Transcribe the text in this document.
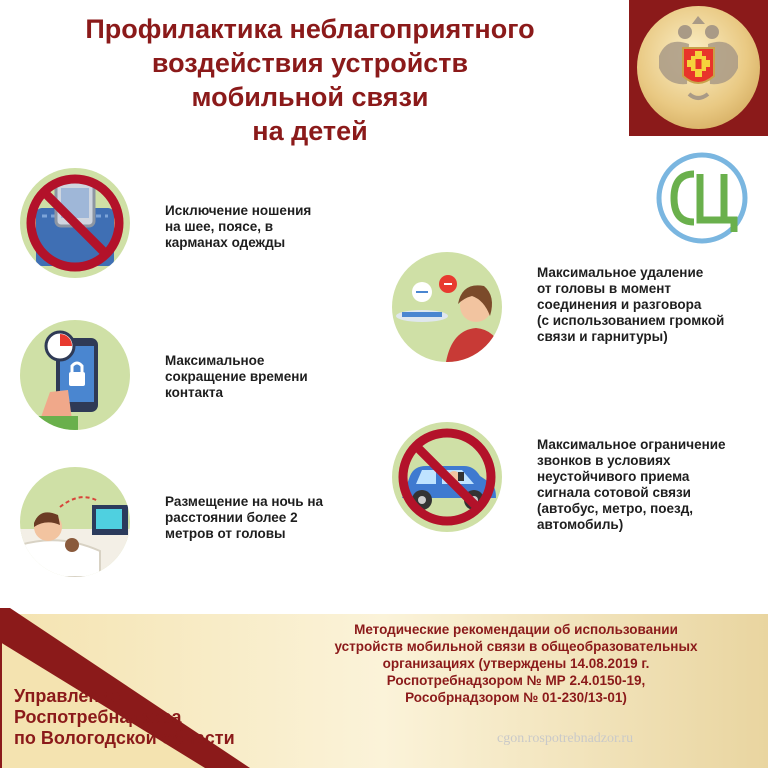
Профилактика неблагоприятного
воздействия устройств
мобильной связи
на детей
Исключение ношения
на шее, поясе, в
карманах одежды
Максимальное
сокращение времени
контакта
Размещение на ночь на
расстоянии более 2
метров от головы
Максимальное удаление
от головы в момент
соединения и разговора
(с использованием громкой
связи и гарнитуры)
Максимальное ограничение
звонков в условиях
неустойчивого приема
сигнала сотовой связи
(автобус, метро, поезд,
автомобиль)
Управление
Роспотребнадзора
по Вологодской области
Методические рекомендации об использовании
устройств мобильной связи в общеобразовательных
организациях (утверждены 14.08.2019 г.
Роспотребнадзором № МР 2.4.0150-19,
Рособрнадзором № 01-230/13-01)
cgon.rospotrebnadzor.ru
